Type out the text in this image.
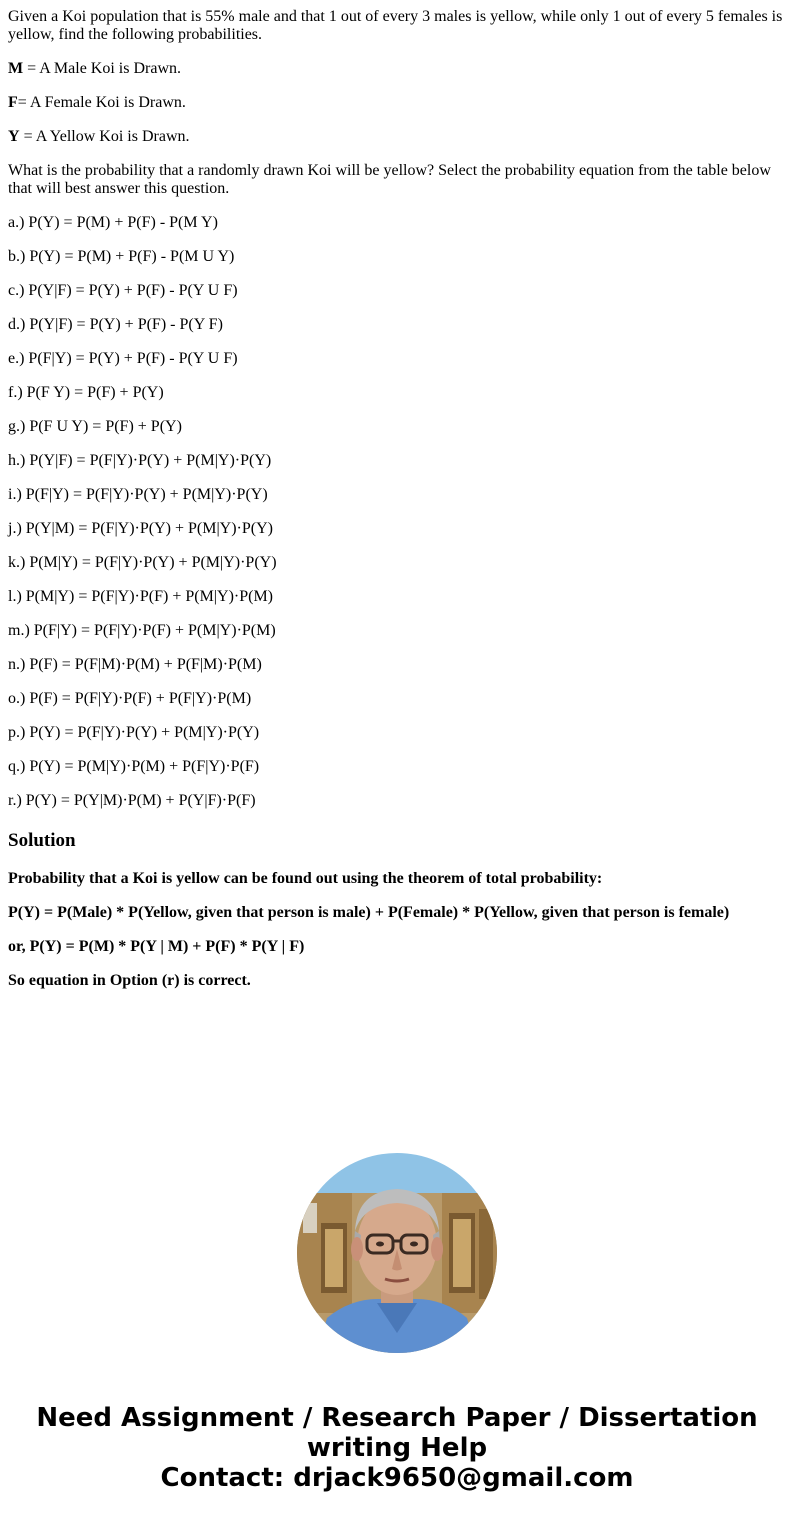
Given a Koi population that is 55% male and that 1 out of every 3 males is yellow, while only 1 out of every 5 females is yellow, find the following probabilities.

M = A Male Koi is Drawn.

F= A Female Koi is Drawn.

Y = A Yellow Koi is Drawn.

What is the probability that a randomly drawn Koi will be yellow? Select the probability equation from the table below that will best answer this question.

a.) P(Y) = P(M) + P(F) - P(M Y)

b.) P(Y) = P(M) + P(F) - P(M U Y)

c.) P(Y|F) = P(Y) + P(F) - P(Y U F)

d.) P(Y|F) = P(Y) + P(F) - P(Y F)

e.) P(F|Y) = P(Y) + P(F) - P(Y U F)

f.) P(F Y) = P(F) + P(Y)

g.) P(F U Y) = P(F) + P(Y)

h.) P(Y|F) = P(F|Y)·P(Y) + P(M|Y)·P(Y)

i.) P(F|Y) = P(F|Y)·P(Y) + P(M|Y)·P(Y)

j.) P(Y|M) = P(F|Y)·P(Y) + P(M|Y)·P(Y)

k.) P(M|Y) = P(F|Y)·P(Y) + P(M|Y)·P(Y)

l.) P(M|Y) = P(F|Y)·P(F) + P(M|Y)·P(M)

m.) P(F|Y) = P(F|Y)·P(F) + P(M|Y)·P(M)

n.) P(F) = P(F|M)·P(M) + P(F|M)·P(M)

o.) P(F) = P(F|Y)·P(F) + P(F|Y)·P(M)

p.) P(Y) = P(F|Y)·P(Y) + P(M|Y)·P(Y)

q.) P(Y) = P(M|Y)·P(M) + P(F|Y)·P(F)

r.) P(Y) = P(Y|M)·P(M) + P(Y|F)·P(F)

Solution

Probability that a Koi is yellow can be found out using the theorem of total probability:

P(Y) = P(Male) * P(Yellow, given that person is male) + P(Female) * P(Yellow, given that person is female)

or, P(Y) = P(M) * P(Y | M) + P(F) * P(Y | F)

So equation in Option (r) is correct.

Need Assignment / Research Paper / Dissertation
writing Help
Contact: drjack9650@gmail.com
